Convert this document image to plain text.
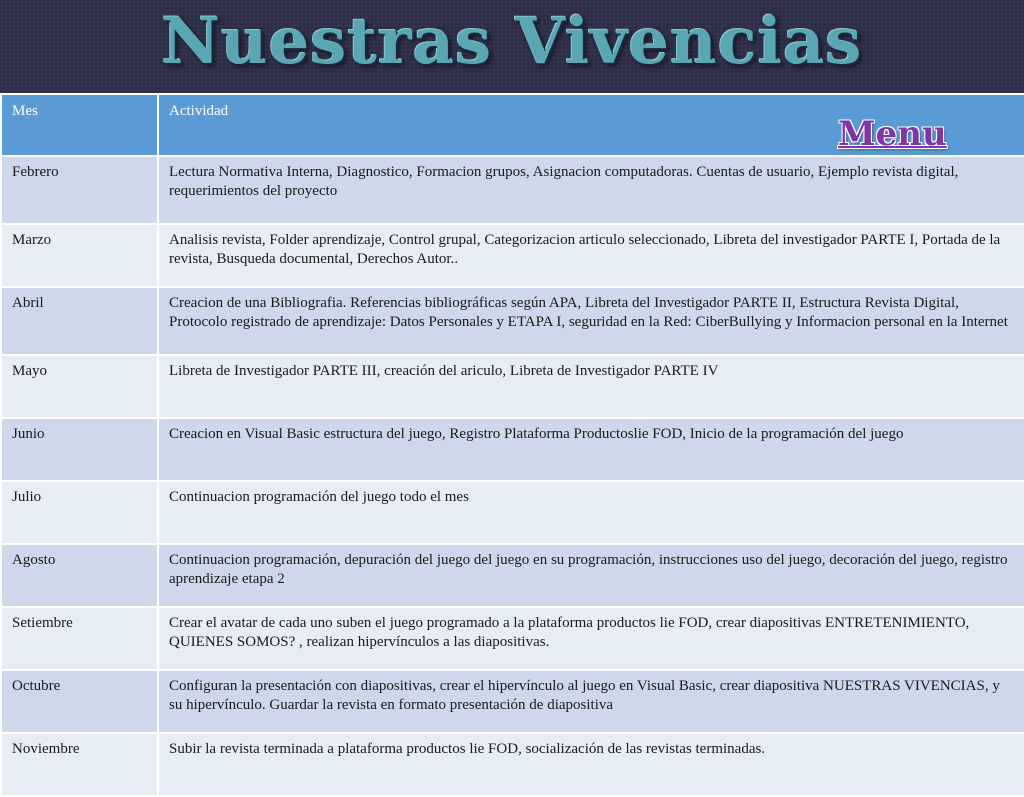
Nuestras Vivencias
Mes	Actividad
Febrero	Lectura Normativa Interna, Diagnostico, Formacion grupos, Asignacion computadoras. Cuentas de usuario, Ejemplo revista digital, requerimientos del proyecto
Marzo	Analisis revista, Folder aprendizaje, Control grupal, Categorizacion articulo seleccionado, Libreta del investigador PARTE I, Portada de la revista, Busqueda documental, Derechos Autor..
Abril	Creacion de una Bibliografia. Referencias bibliográficas según APA, Libreta del Investigador PARTE II, Estructura Revista Digital, Protocolo registrado de aprendizaje: Datos Personales y ETAPA I, seguridad en la Red: CiberBullying y Informacion personal en la Internet
Mayo	Libreta de Investigador PARTE III, creación del ariculo, Libreta de Investigador PARTE IV
Junio	Creacion en Visual Basic estructura del juego, Registro Plataforma Productoslie FOD, Inicio de la programación del juego
Julio	Continuacion programación del juego todo el mes
Agosto	Continuacion programación, depuración del juego del juego en su programación, instrucciones uso del juego, decoración del juego, registro aprendizaje etapa 2
Setiembre	Crear el avatar de cada uno suben el juego programado a la plataforma productos lie FOD, crear diapositivas ENTRETENIMIENTO, QUIENES SOMOS? , realizan hipervínculos a las diapositivas.
Octubre	Configuran la presentación con diapositivas, crear el hipervínculo al juego en Visual Basic, crear diapositiva NUESTRAS VIVENCIAS, y su hipervínculo. Guardar la revista en formato presentación de diapositiva
Noviembre	Subir la revista terminada a plataforma productos lie FOD, socialización de las revistas terminadas.
Menu
